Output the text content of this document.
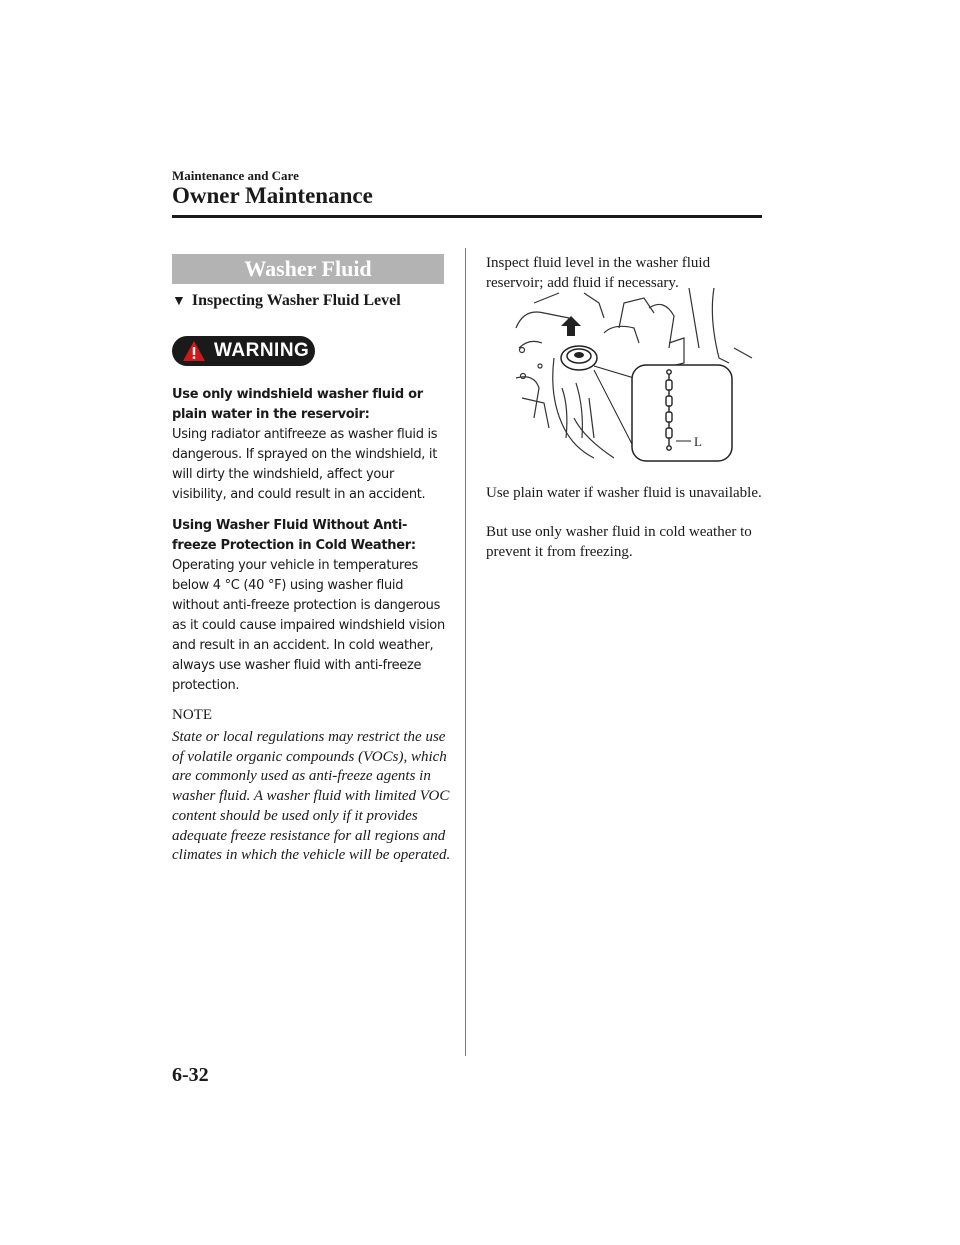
Maintenance and Care
Owner Maintenance
Washer Fluid
▼ Inspecting Washer Fluid Level
WARNING
Use only windshield washer fluid or plain water in the reservoir:
Using radiator antifreeze as washer fluid is dangerous. If sprayed on the windshield, it will dirty the windshield, affect your visibility, and could result in an accident.
Using Washer Fluid Without Anti-freeze Protection in Cold Weather:
Operating your vehicle in temperatures below 4 °C (40 °F) using washer fluid without anti-freeze protection is dangerous as it could cause impaired windshield vision and result in an accident. In cold weather, always use washer fluid with anti-freeze protection.
NOTE
State or local regulations may restrict the use of volatile organic compounds (VOCs), which are commonly used as anti-freeze agents in washer fluid. A washer fluid with limited VOC content should be used only if it provides adequate freeze resistance for all regions and climates in which the vehicle will be operated.
Inspect fluid level in the washer fluid reservoir; add fluid if necessary.
L
Use plain water if washer fluid is unavailable.
But use only washer fluid in cold weather to prevent it from freezing.
6-32
